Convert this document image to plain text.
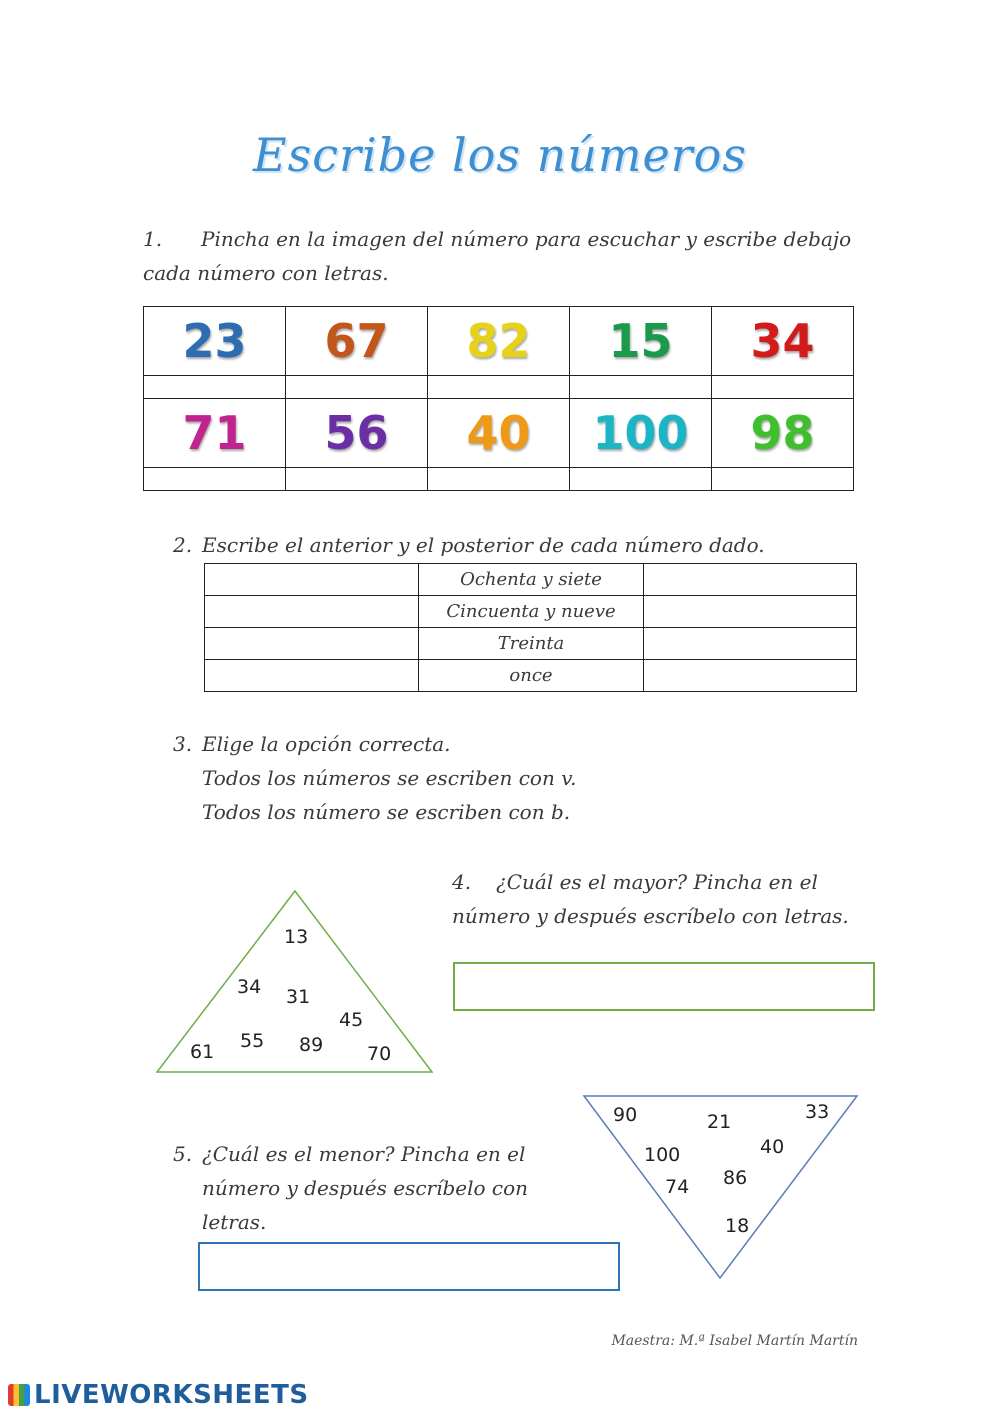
Escribe los números
1. Pincha en la imagen del número para escuchar y escribe debajo
cada número con letras.
23	67	82	15	34

71	56	40	100	98

2. Escribe el anterior y el posterior de cada número dado.
	Ochenta y siete	
	Cincuenta y nueve	
	Treinta	
	once	
3. Elige la opción correcta.
Todos los números se escriben con v.
Todos los número se escriben con b.
13
34 31
45
61 55 89 70
4. ¿Cuál es el mayor? Pincha en el
número y después escríbelo con letras.
90	21	33
100	40
86
74
18
5. ¿Cuál es el menor? Pincha en el
número y después escríbelo con
letras.
Maestra: M.ª Isabel Martín Martín
LIVEWORKSHEETS
